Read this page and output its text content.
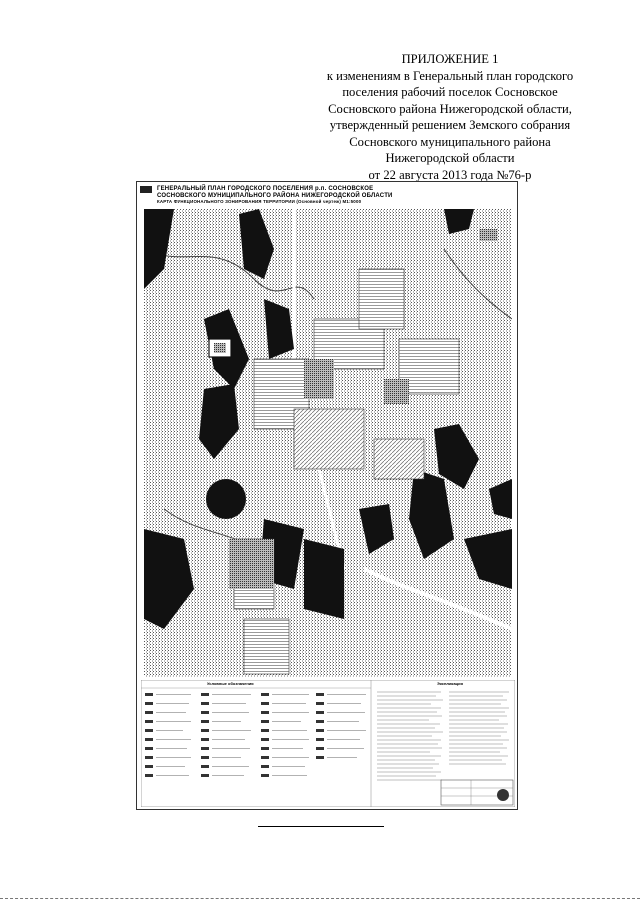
ПРИЛОЖЕНИЕ 1
к изменениям в Генеральный план городского
поселения рабочий поселок Сосновское
Сосновского района Нижегородской области,
утвержденный решением Земского собрания
Сосновского муниципального района
Нижегородской области
от 22 августа 2013 года №76-р
ГЕНЕРАЛЬНЫЙ ПЛАН ГОРОДСКОГО ПОСЕЛЕНИЯ р.п. СОСНОВСКОЕ
СОСНОВСКОГО МУНИЦИПАЛЬНОГО РАЙОНА НИЖЕГОРОДСКОЙ ОБЛАСТИ
КАРТА ФУНКЦИОНАЛЬНОГО ЗОНИРОВАНИЯ ТЕРРИТОРИИ (Основной чертеж) М1:5000
Условные обозначения	Экспликация
